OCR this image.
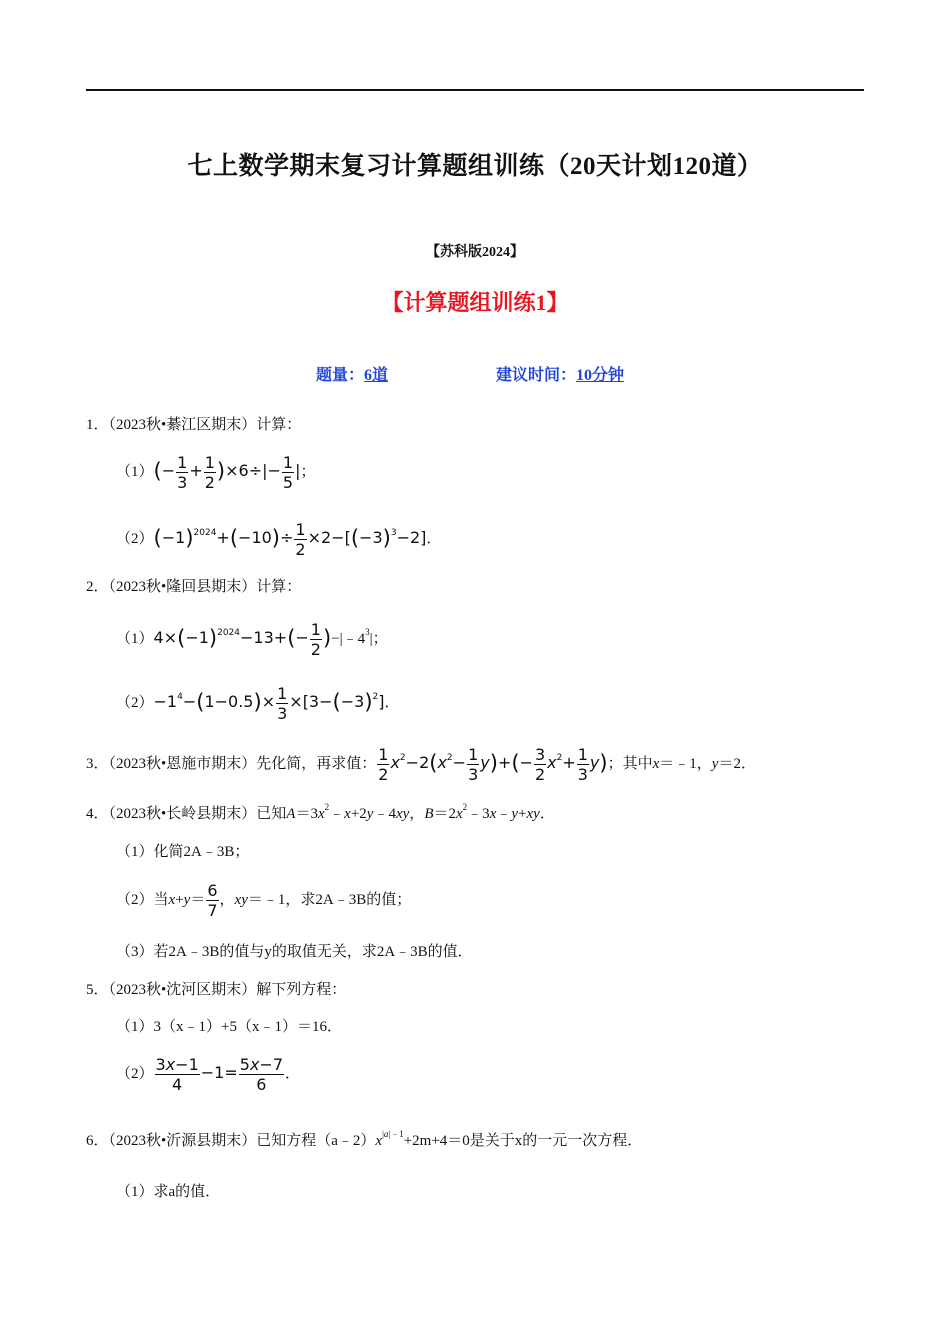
七上数学期末复习计算题组训练（20天计划120道）
【苏科版2024】
【计算题组训练1】
题量：6道	建议时间：10分钟
1．（2023秋•綦江区期末）计算：
$(1)(- \frac{1}{3} + \frac{1}{2} )\times 6\div|- \frac{1}{5}$ |；
$(2)(-1)^{2024}+(-10)\div \frac{1}{2} \times 2-[(-3)^3-2]$．
2．（2023秋•隆回县期末）计算：
$(1)4\times(-1)^{2024}-13+(- \frac{1}{2}$ )$-|﹣4^3|$；
$(2)-1^4-(1-0.5)\times \frac{1}{3} \times[3-(-3)^2]$．
3．（2023秋•恩施市期末）先化简，再求值： $\frac{1}{2} x^2-2(x^2- \frac{1}{3} y)+(- \frac{3}{2} x^2+ \frac{1}{3} y)$；其中x＝﹣1，y＝2．
4．（2023秋•长岭县期末）已知$A=3x^2﹣x+2y﹣4xy$，$B=2x^2﹣3x﹣y+xy$．
（1）化简2A﹣3B；
（2）当$x+y= \frac{6}{7}$ ，xy＝﹣1，求2A﹣3B的值；
（3）若2A﹣3B的值与y的取值无关，求2A﹣3B的值．
5．（2023秋•沈河区期末）解下列方程：
（1）3（x﹣1）+5（x﹣1）＝16．
$(2) \frac{3x-1}{4} -1= \frac{5x-7}{6}$ ．
6．（2023秋•沂源县期末）已知方程$(a﹣2)x^{|a|﹣1}+2m+4=0$是关于x的一元一次方程．
（1）求a的值．
